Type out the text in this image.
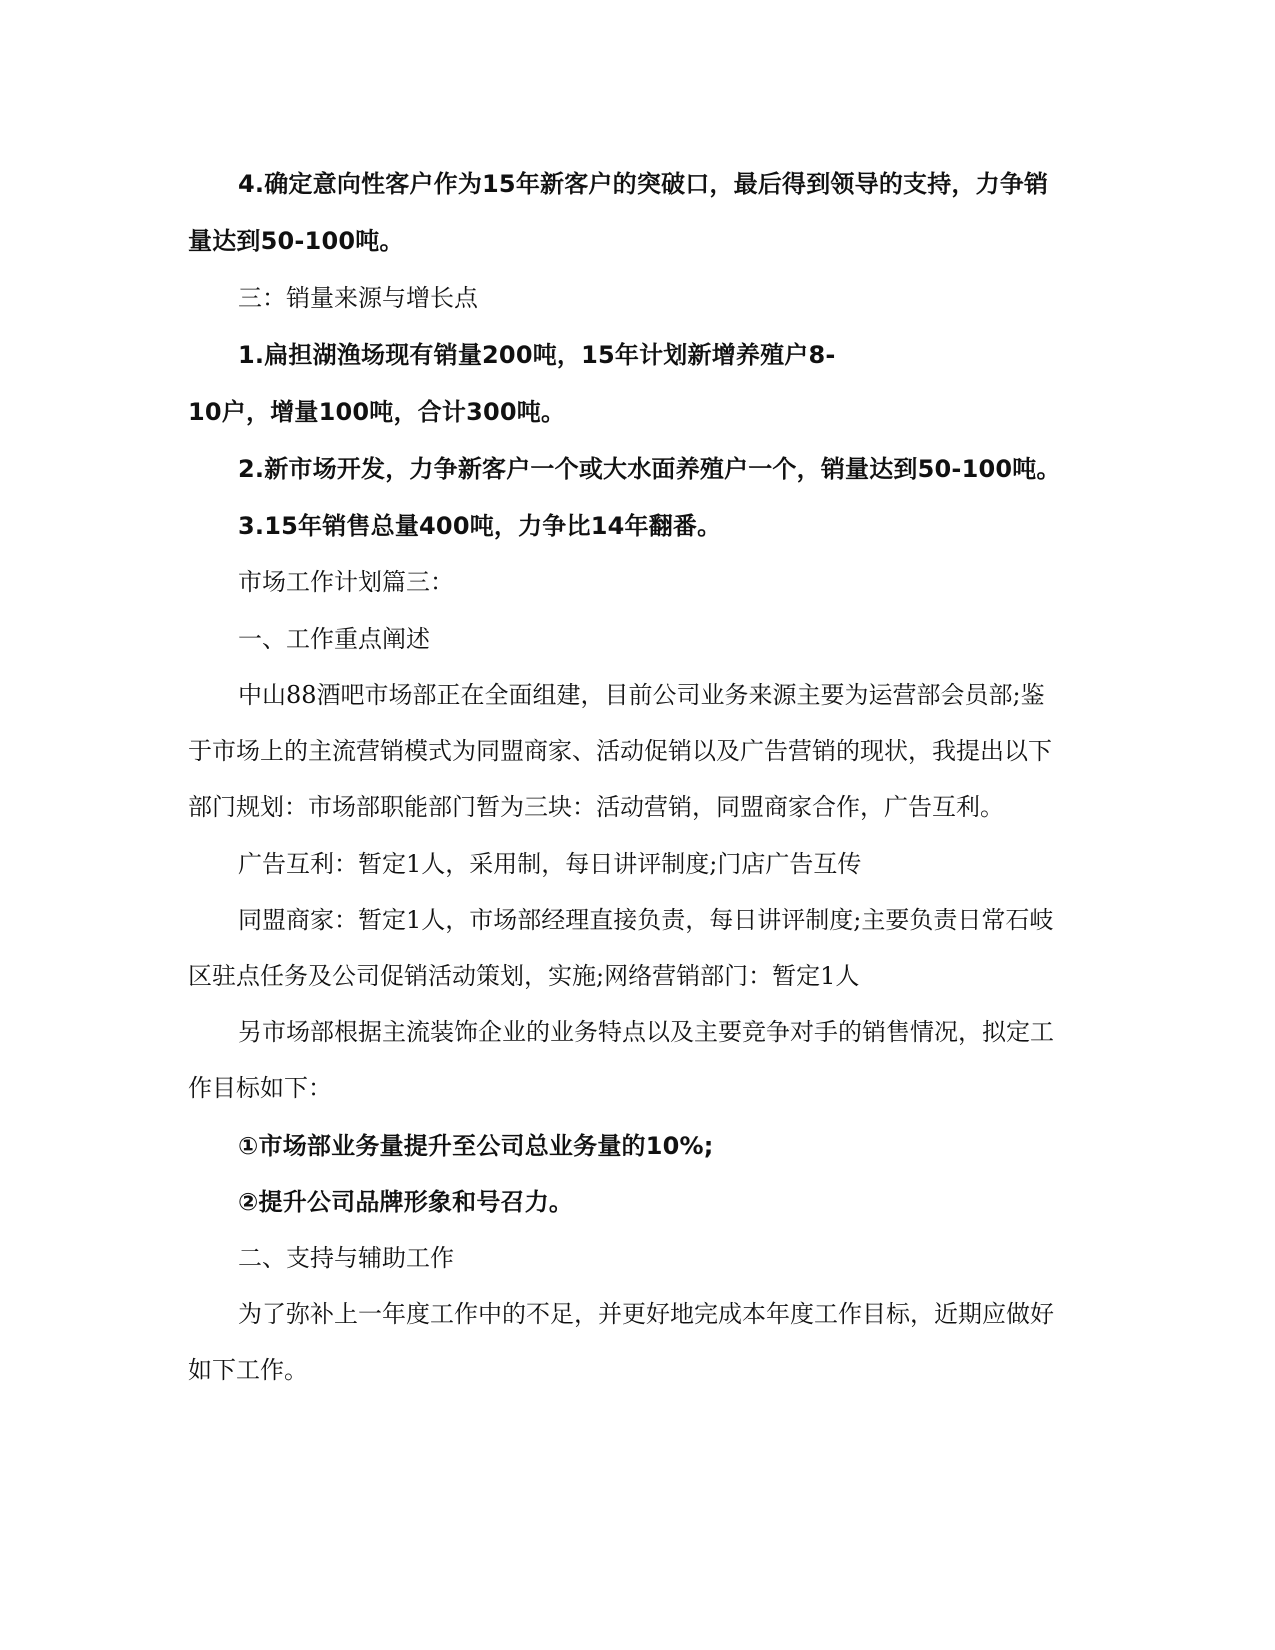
4.确定意向性客户作为15年新客户的突破口，最后得到领导的支持，力争销

量达到50-100吨。

三：销量来源与增长点

1.扁担湖渔场现有销量200吨，15年计划新增养殖户8-

10户，增量100吨，合计300吨。

2.新市场开发，力争新客户一个或大水面养殖户一个，销量达到50-100吨。

3.15年销售总量400吨，力争比14年翻番。

市场工作计划篇三：

一、工作重点阐述

中山88酒吧市场部正在全面组建，目前公司业务来源主要为运营部会员部;鉴

于市场上的主流营销模式为同盟商家、活动促销以及广告营销的现状，我提出以下

部门规划：市场部职能部门暂为三块：活动营销，同盟商家合作，广告互利。

广告互利：暂定1人，采用制，每日讲评制度;门店广告互传

同盟商家：暂定1人，市场部经理直接负责，每日讲评制度;主要负责日常石岐

区驻点任务及公司促销活动策划，实施;网络营销部门：暂定1人

另市场部根据主流装饰企业的业务特点以及主要竞争对手的销售情况，拟定工

作目标如下：

①市场部业务量提升至公司总业务量的10%;

②提升公司品牌形象和号召力。

二、支持与辅助工作

为了弥补上一年度工作中的不足，并更好地完成本年度工作目标，近期应做好

如下工作。
